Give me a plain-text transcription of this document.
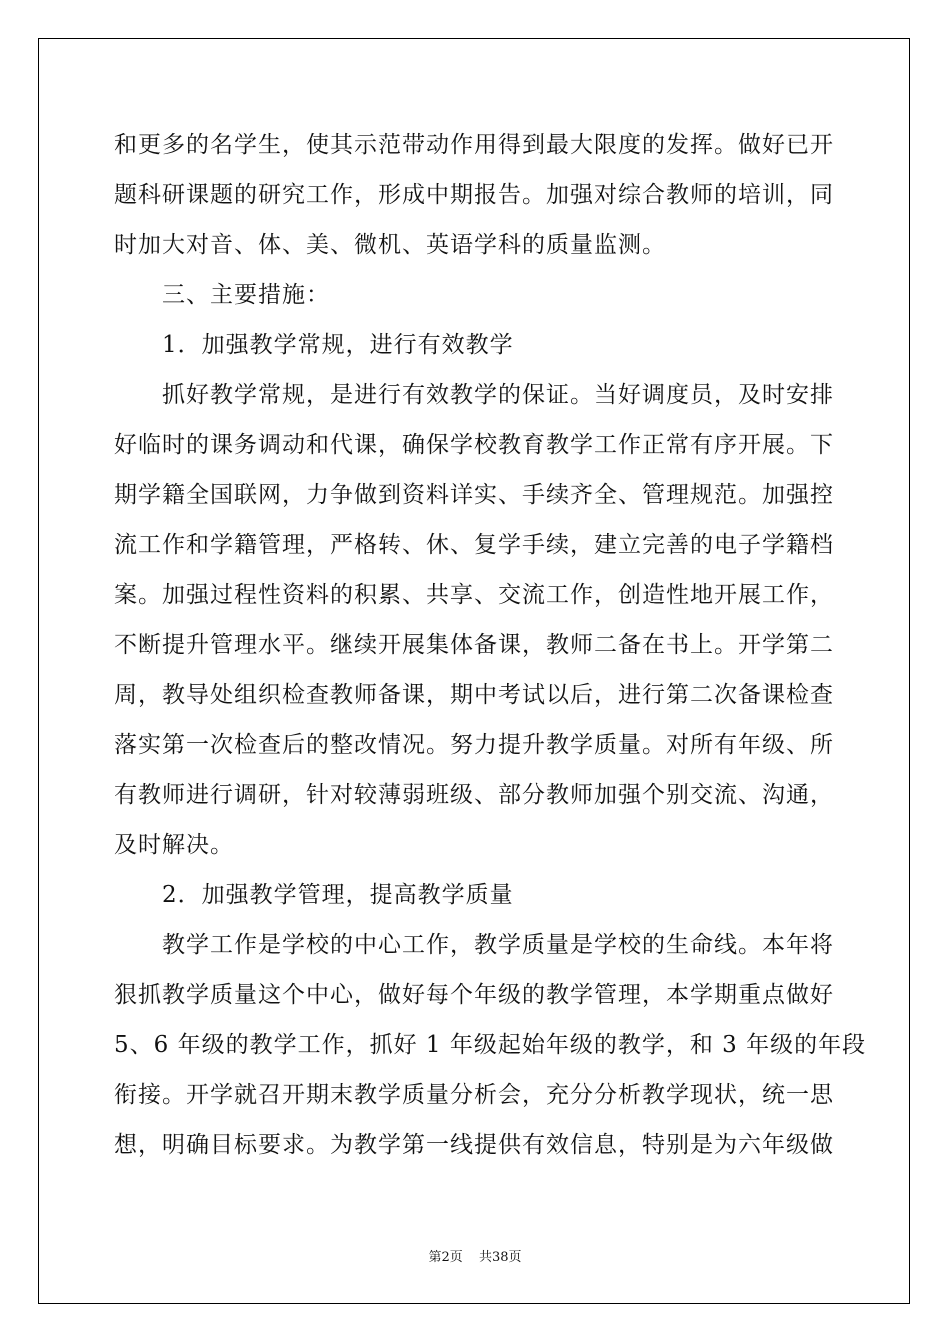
和更多的名学生，使其示范带动作用得到最大限度的发挥。做好已开
题科研课题的研究工作，形成中期报告。加强对综合教师的培训，同
时加大对音、体、美、微机、英语学科的质量监测。
三、主要措施：
1．加强教学常规，进行有效教学
抓好教学常规，是进行有效教学的保证。当好调度员，及时安排
好临时的课务调动和代课，确保学校教育教学工作正常有序开展。下
期学籍全国联网，力争做到资料详实、手续齐全、管理规范。加强控
流工作和学籍管理，严格转、休、复学手续，建立完善的电子学籍档
案。加强过程性资料的积累、共享、交流工作，创造性地开展工作，
不断提升管理水平。继续开展集体备课，教师二备在书上。开学第二
周，教导处组织检查教师备课，期中考试以后，进行第二次备课检查
落实第一次检查后的整改情况。努力提升教学质量。对所有年级、所
有教师进行调研，针对较薄弱班级、部分教师加强个别交流、沟通，
及时解决。
2．加强教学管理，提高教学质量
教学工作是学校的中心工作，教学质量是学校的生命线。本年将
狠抓教学质量这个中心，做好每个年级的教学管理，本学期重点做好
5、6 年级的教学工作，抓好 1 年级起始年级的教学，和 3 年级的年段
衔接。开学就召开期末教学质量分析会，充分分析教学现状，统一思
想，明确目标要求。为教学第一线提供有效信息，特别是为六年级做
第2页 共38页
